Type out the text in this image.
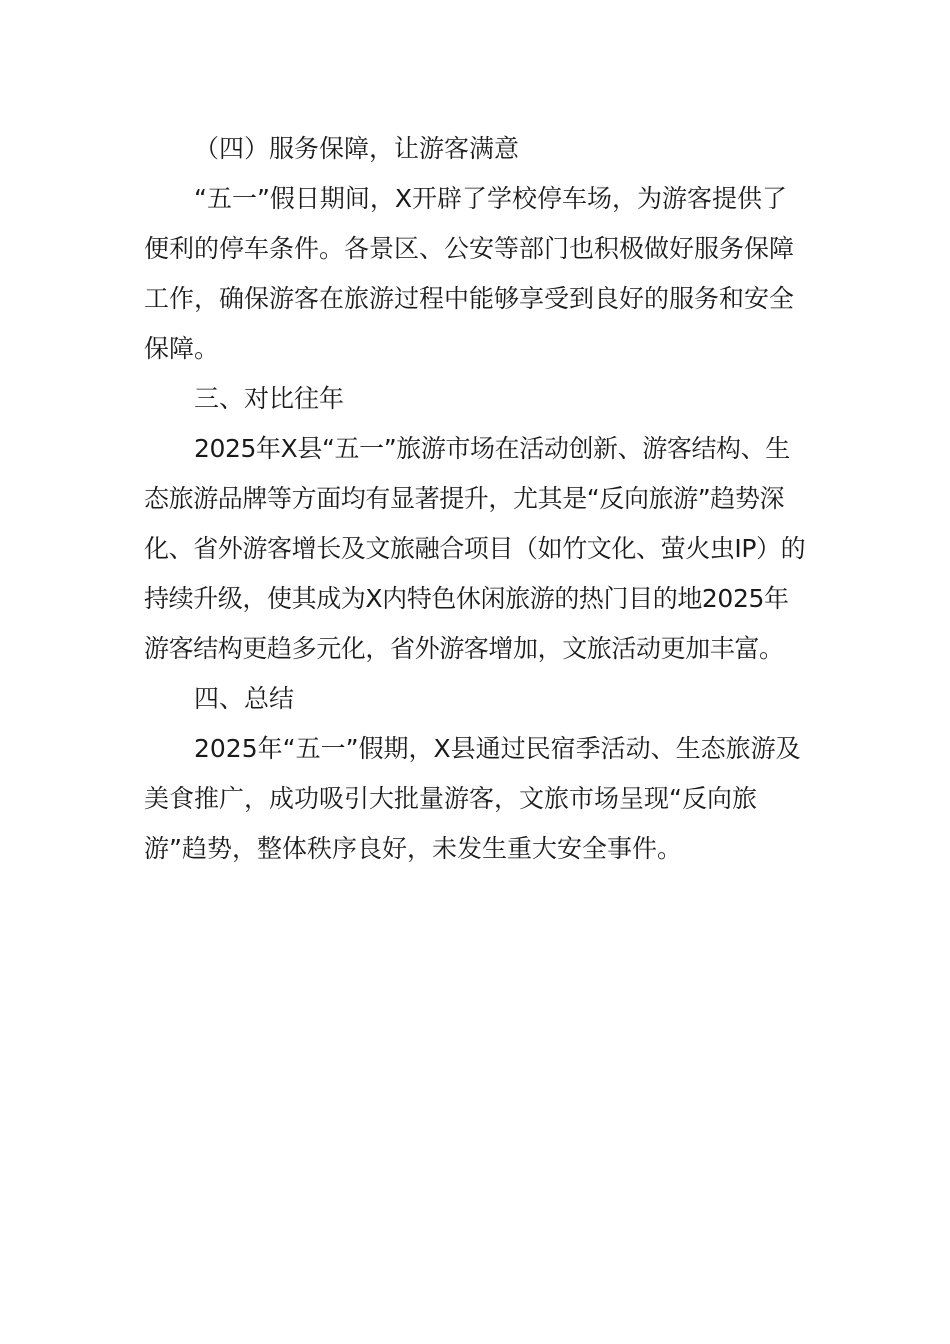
（四）服务保障，让游客满意

“五一”假日期间，X开辟了学校停车场，为游客提供了便利的停车条件。各景区、公安等部门也积极做好服务保障工作，确保游客在旅游过程中能够享受到良好的服务和安全保障。

三、对比往年

2025年X县“五一”旅游市场在活动创新、游客结构、生态旅游品牌等方面均有显著提升，尤其是“反向旅游”趋势深化、省外游客增长及文旅融合项目（如竹文化、萤火虫IP）的持续升级，使其成为X内特色休闲旅游的热门目的地2025年游客结构更趋多元化，省外游客增加，文旅活动更加丰富。

四、总结

2025年“五一”假期，X县通过民宿季活动、生态旅游及美食推广，成功吸引大批量游客，文旅市场呈现“反向旅游”趋势，整体秩序良好，未发生重大安全事件。
